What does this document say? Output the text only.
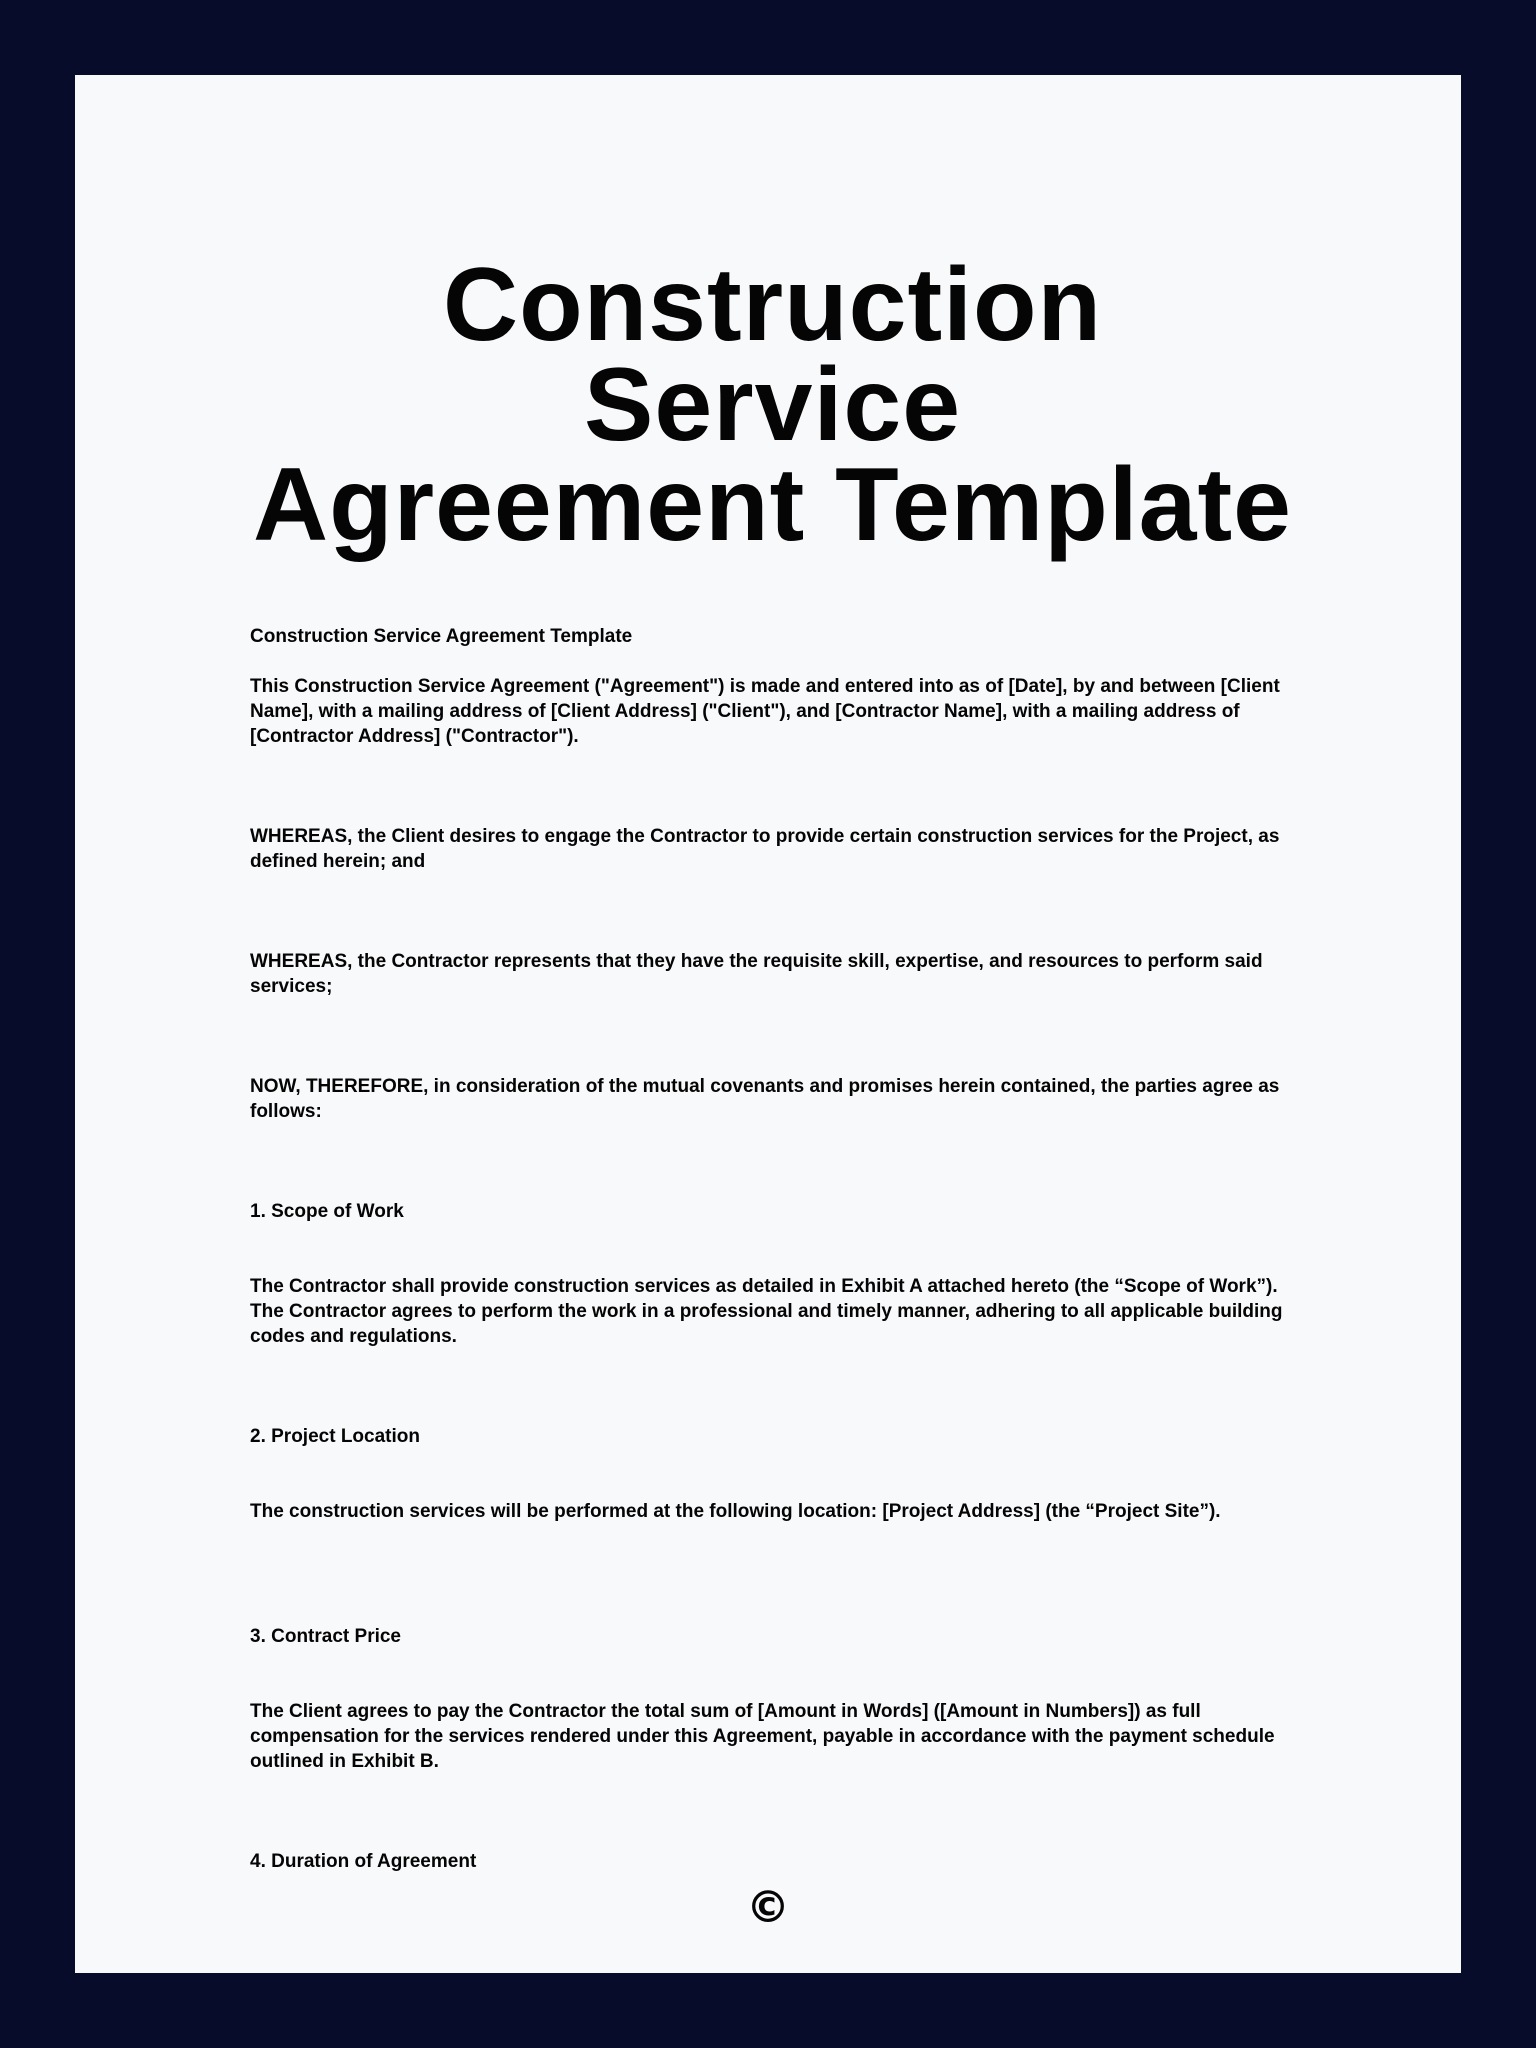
Construction Service
Agreement Template

Construction Service Agreement Template

This Construction Service Agreement ("Agreement") is made and entered into as of [Date], by and between [Client Name], with a mailing address of [Client Address] ("Client"), and [Contractor Name], with a mailing address of [Contractor Address] ("Contractor").

WHEREAS, the Client desires to engage the Contractor to provide certain construction services for the Project, as defined herein; and

WHEREAS, the Contractor represents that they have the requisite skill, expertise, and resources to perform said services;

NOW, THEREFORE, in consideration of the mutual covenants and promises herein contained, the parties agree as follows:

1. Scope of Work

The Contractor shall provide construction services as detailed in Exhibit A attached hereto (the “Scope of Work”). The Contractor agrees to perform the work in a professional and timely manner, adhering to all applicable building codes and regulations.

2. Project Location

The construction services will be performed at the following location: [Project Address] (the “Project Site”).

3. Contract Price

The Client agrees to pay the Contractor the total sum of [Amount in Words] ([Amount in Numbers]) as full compensation for the services rendered under this Agreement, payable in accordance with the payment schedule outlined in Exhibit B.

4. Duration of Agreement

©
